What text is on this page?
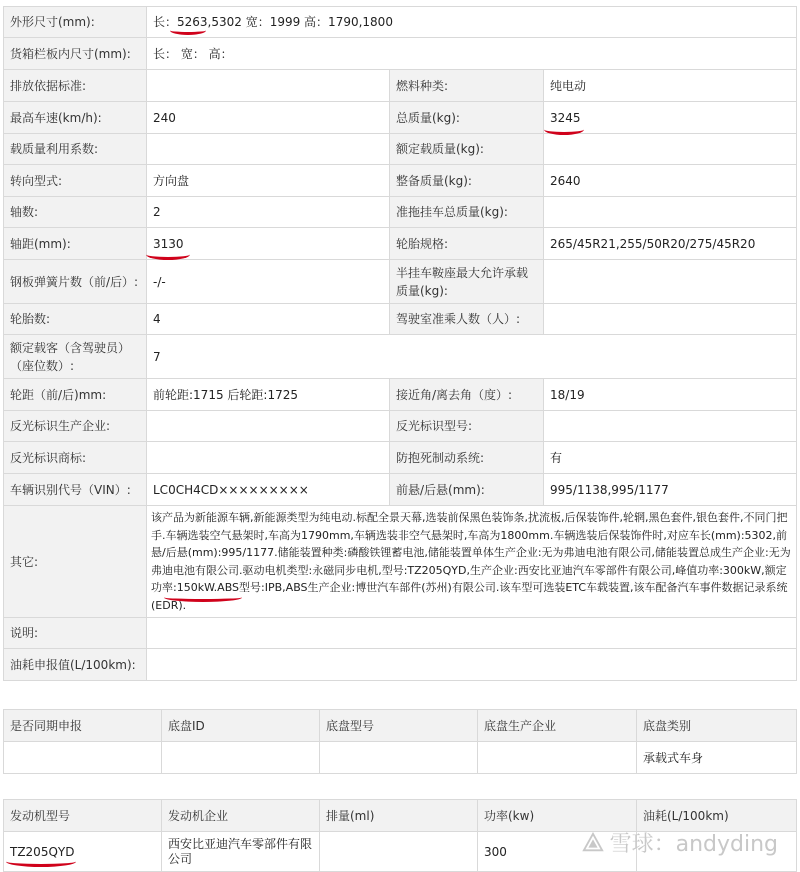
外形尺寸(mm):	长：5263,5302 宽：1999 高：1790,1800		
货箱栏板内尺寸(mm):	长： 宽： 高：		
排放依据标准:		燃料种类:	纯电动
最高车速(km/h):	240	总质量(kg):	3245
载质量利用系数:		额定载质量(kg):	
转向型式:	方向盘	整备质量(kg):	2640
轴数:	2	准拖挂车总质量(kg):	
轴距(mm):	3130	轮胎规格:	265/45R21,255/50R20/275/45R20
钢板弹簧片数（前/后）:	-/-	半挂车鞍座最大允许承载质量(kg):	
轮胎数:	4	驾驶室准乘人数（人）:	
额定载客（含驾驶员）（座位数）:	7		
轮距（前/后)mm:	前轮距:1715 后轮距:1725	接近角/离去角（度）:	18/19
反光标识生产企业:		反光标识型号:	
反光标识商标:		防抱死制动系统:	有
车辆识别代号（VIN）:	LC0CH4CD×××××××××	前悬/后悬(mm):	995/1138,995/1177
其它:	该产品为新能源车辆,新能源类型为纯电动.标配全景天幕,选装前保黑色装饰条,扰流板,后保装饰件,轮辋,黑色套件,银色套件,不同门把手.车辆选装空气悬架时,车高为1790mm,车辆选装非空气悬架时,车高为1800mm.车辆选装后保装饰件时,对应车长(mm):5302,前悬/后悬(mm):995/1177.储能装置种类:磷酸铁锂蓄电池,储能装置单体生产企业:无为弗迪电池有限公司,储能装置总成生产企业:无为弗迪电池有限公司.驱动电机类型:永磁同步电机,型号:TZ205QYD,生产企业:西安比亚迪汽车零部件有限公司,峰值功率:300kW,额定功率:150kW.ABS型号:IPB,ABS生产企业:博世汽车部件(苏州)有限公司.该车型可选装ETC车载装置,该车配备汽车事件数据记录系统(EDR).		
说明:			
油耗申报值(L/100km):			
是否同期申报	底盘ID	底盘型号	底盘生产企业	底盘类别
				承载式车身
发动机型号	发动机企业	排量(ml)	功率(kw)	油耗(L/100km)
TZ205QYD	西安比亚迪汽车零部件有限公司		300		雪球：andyding
